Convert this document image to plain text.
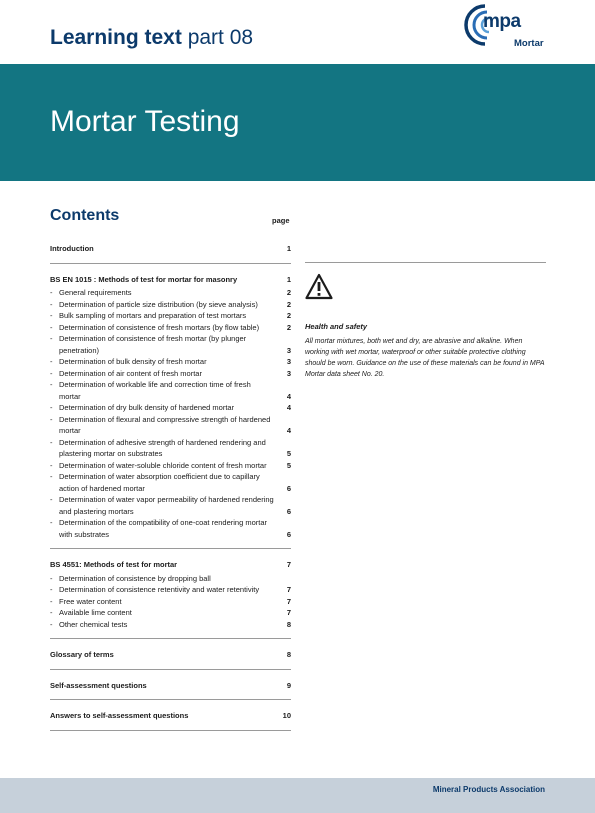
Learning text part 08
mpa
Mortar
Mortar Testing
Contents	page
Introduction	1
BS EN 1015 : Methods of test for mortar for masonry	1
- General requirements	2
- Determination of particle size distribution (by sieve analysis)	2
- Bulk sampling of mortars and preparation of test mortars	2
- Determination of consistence of fresh mortars (by flow table)	2
- Determination of consistence of fresh mortar (by plunger penetration)	3
- Determination of bulk density of fresh mortar	3
- Determination of air content of fresh mortar	3
- Determination of workable life and correction time of fresh mortar	4
- Determination of dry bulk density of hardened mortar	4
- Determination of flexural and compressive strength of hardened mortar	4
- Determination of adhesive strength of hardened rendering and plastering mortar on substrates	5
- Determination of water-soluble chloride content of fresh mortar	5
- Determination of water absorption coefficient due to capillary action of hardened mortar	6
- Determination of water vapor permeability of hardened rendering and plastering mortars	6
- Determination of the compatibility of one-coat rendering mortar with substrates	6
BS 4551: Methods of test for mortar	7
- Determination of consistence by dropping ball
- Determination of consistence retentivity and water retentivity	7
- Free water content	7
- Available lime content	7
- Other chemical tests	8
Glossary of terms	8
Self-assessment questions	9
Answers to self-assessment questions	10
Health and safety
All mortar mixtures, both wet and dry, are abrasive and alkaline. When working with wet mortar, waterproof or other suitable protective clothing should be worn. Guidance on the use of these materials can be found in MPA Mortar data sheet No. 20.
Mineral Products Association
